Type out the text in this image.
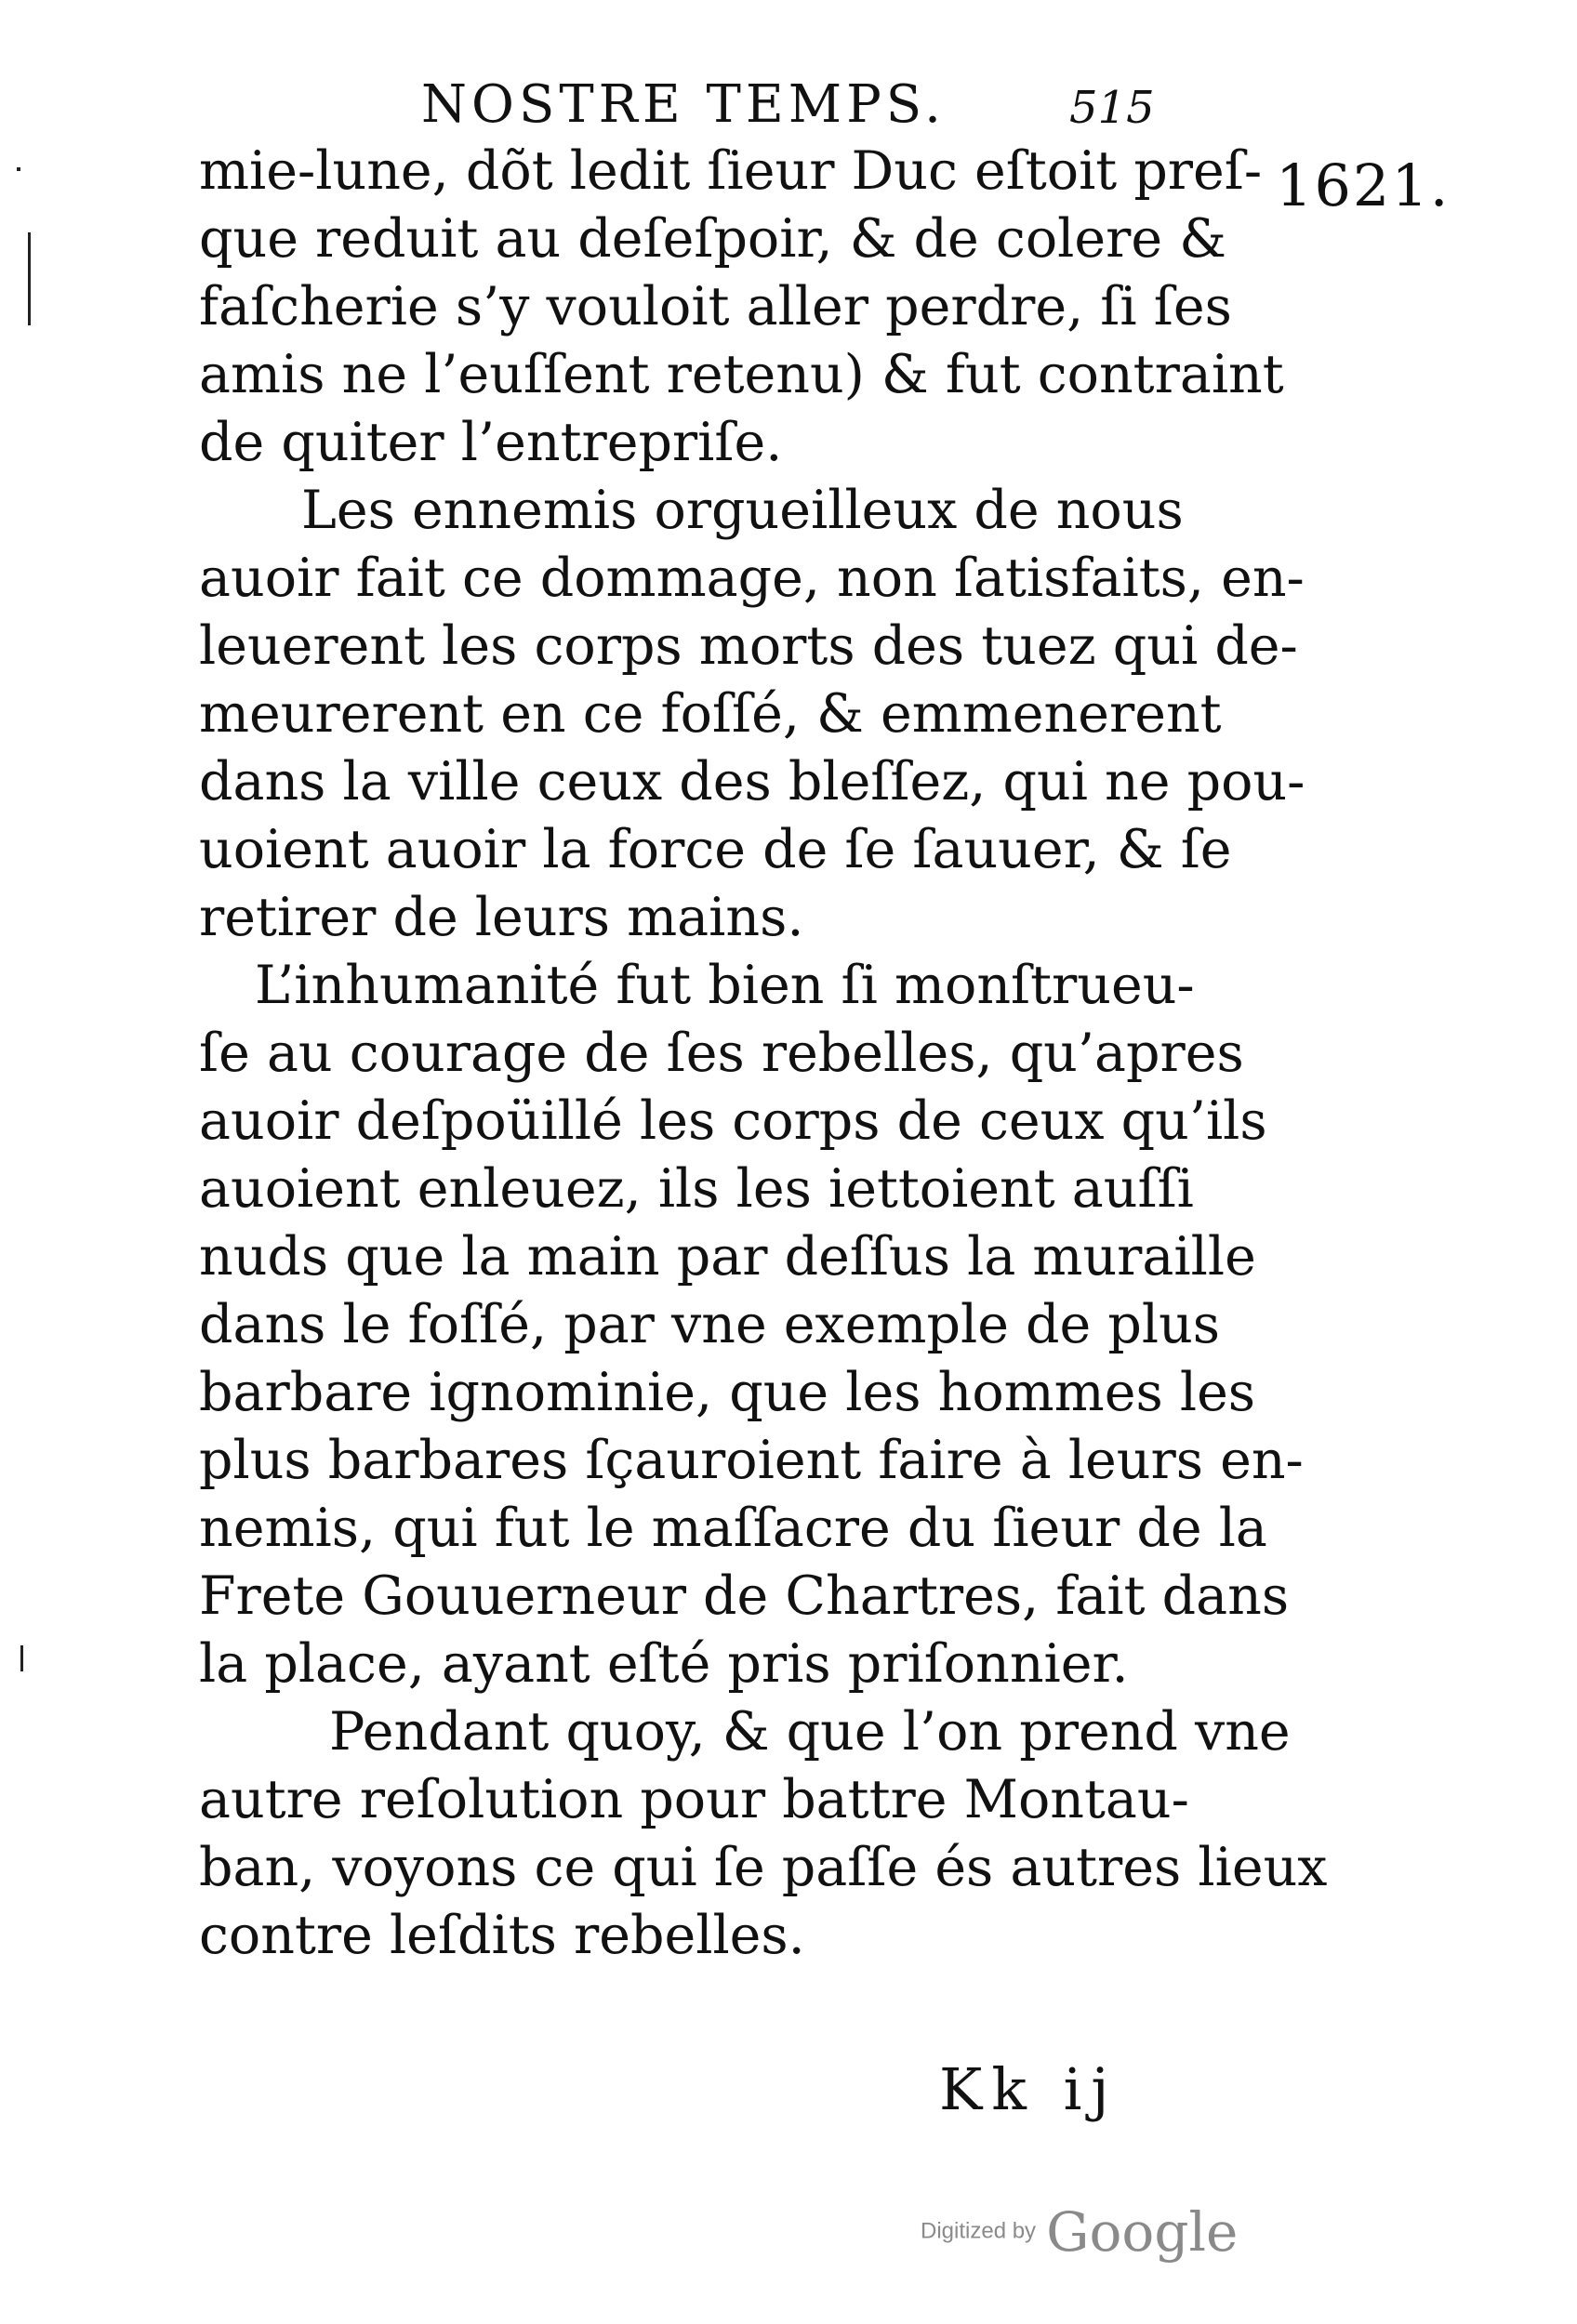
NOSTRE TEMPS.	515
1621.
mie-lune, dõt ledit ſieur Duc eſtoit preſ-
que reduit au deſeſpoir, & de colere &
faſcherie s’y vouloit aller perdre, ſi ſes
amis ne l’euſſent retenu) & fut contraint
de quiter l’entrepriſe.
Les ennemis orgueilleux de nous
auoir fait ce dommage, non ſatisfaits, en-
leuerent les corps morts des tuez qui de-
meurerent en ce foſſé, & emmenerent
dans la ville ceux des bleſſez, qui ne pou-
uoient auoir la force de ſe ſauuer, & ſe
retirer de leurs mains.
L’inhumanité fut bien ſi monſtrueu-
ſe au courage de ſes rebelles, qu’apres
auoir deſpoüillé les corps de ceux qu’ils
auoient enleuez, ils les iettoient auſſi
nuds que la main par deſſus la muraille
dans le foſſé, par vne exemple de plus
barbare ignominie, que les hommes les
plus barbares ſçauroient faire à leurs en-
nemis, qui fut le maſſacre du ſieur de la
Frete Gouuerneur de Chartres, fait dans
la place, ayant eſté pris priſonnier.
Pendant quoy, & que l’on prend vne
autre reſolution pour battre Montau-
ban, voyons ce qui ſe paſſe és autres lieux
contre leſdits rebelles.
Kk ij
Digitized by Google
